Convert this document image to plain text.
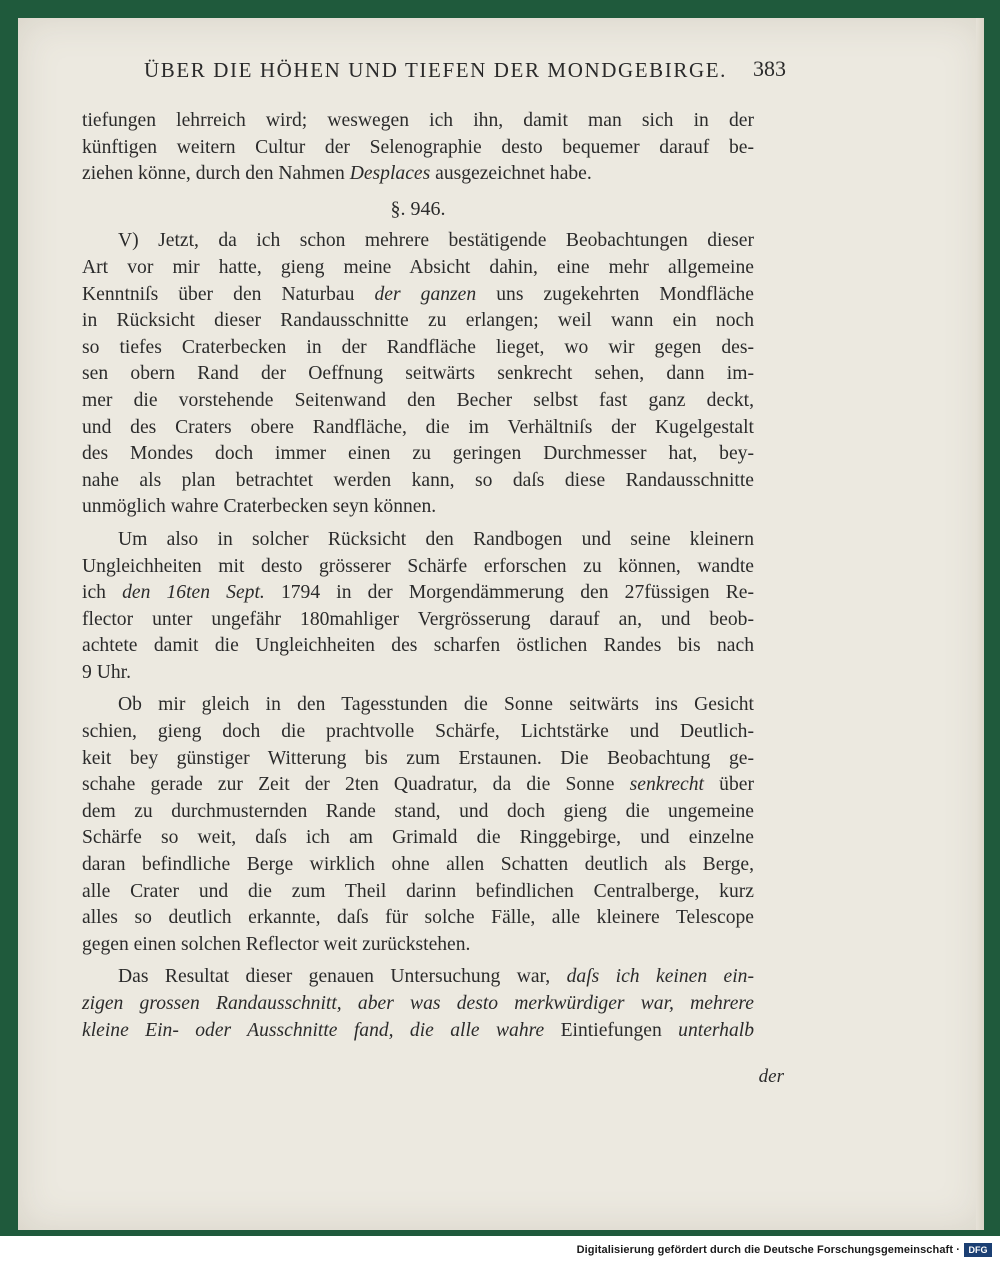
ÜBER DIE HÖHEN UND TIEFEN DER MONDGEBIRGE. 383

tiefungen lehrreich wird; weswegen ich ihn, damit man sich in der
künftigen weitern Cultur der Selenographie desto bequemer darauf be-
ziehen könne, durch den Nahmen Desplaces ausgezeichnet habe.

§. 946.

V) Jetzt, da ich schon mehrere bestätigende Beobachtungen dieser
Art vor mir hatte, gieng meine Absicht dahin, eine mehr allgemeine
Kenntniſs über den Naturbau der ganzen uns zugekehrten Mondfläche
in Rücksicht dieser Randausschnitte zu erlangen; weil wann ein noch
so tiefes Craterbecken in der Randfläche lieget, wo wir gegen des-
sen obern Rand der Oeffnung seitwärts senkrecht sehen, dann im-
mer die vorstehende Seitenwand den Becher selbst fast ganz deckt,
und des Craters obere Randfläche, die im Verhältniſs der Kugelgestalt
des Mondes doch immer einen zu geringen Durchmesser hat, bey-
nahe als plan betrachtet werden kann, so daſs diese Randausschnitte
unmöglich wahre Craterbecken seyn können.

Um also in solcher Rücksicht den Randbogen und seine kleinern
Ungleichheiten mit desto grösserer Schärfe erforschen zu können, wandte
ich den 16ten Sept. 1794 in der Morgendämmerung den 27füssigen Re-
flector unter ungefähr 180mahliger Vergrösserung darauf an, und beob-
achtete damit die Ungleichheiten des scharfen östlichen Randes bis nach
9 Uhr.

Ob mir gleich in den Tagesstunden die Sonne seitwärts ins Gesicht
schien, gieng doch die prachtvolle Schärfe, Lichtstärke und Deutlich-
keit bey günstiger Witterung bis zum Erstaunen. Die Beobachtung ge-
schahe gerade zur Zeit der 2ten Quadratur, da die Sonne senkrecht über
dem zu durchmusternden Rande stand, und doch gieng die ungemeine
Schärfe so weit, daſs ich am Grimald die Ringgebirge, und einzelne
daran befindliche Berge wirklich ohne allen Schatten deutlich als Berge,
alle Crater und die zum Theil darinn befindlichen Centralberge, kurz
alles so deutlich erkannte, daſs für solche Fälle, alle kleinere Telescope
gegen einen solchen Reflector weit zurückstehen.

Das Resultat dieser genauen Untersuchung war, daſs ich keinen ein-
zigen grossen Randausschnitt, aber was desto merkwürdiger war, mehrere
kleine Ein- oder Ausschnitte fand, die alle wahre Eintiefungen unterhalb

der
Digitalisierung gefördert durch die Deutsche Forschungsgemeinschaft · DFG
